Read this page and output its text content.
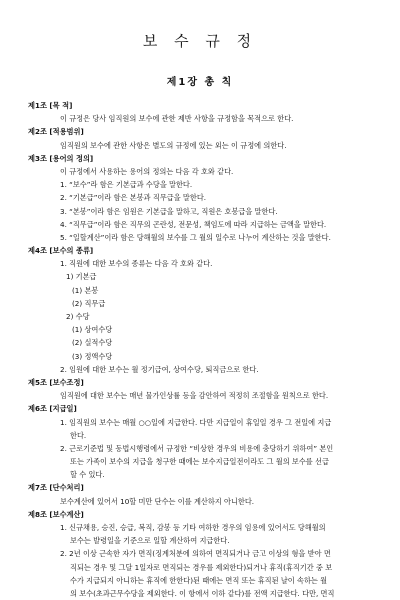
보 수 규 정
제1장 총 칙
제1조 [목 적]
이 규정은 당사 임직원의 보수에 관한 제반 사항을 규정함을 목적으로 한다.
제2조 [적용범위]
임직원의 보수에 관한 사항은 별도의 규정에 있는 외는 이 규정에 의한다.
제3조 [용어의 정의]
이 규정에서 사용하는 용어의 정의는 다음 각 호와 같다.
1. “보수”라 함은 기본급과 수당을 말한다.
2. “기본급”이라 함은 본봉과 직무급을 말한다.
3. “본봉”이라 함은 임원은 기본급을 말하고, 직원은 호봉급을 말한다.
4. “직무급”이라 함은 직무의 곤란성, 전문성, 책임도에 따라 지급하는 금액을 말한다.
5. “일할계산”이라 함은 당해월의 보수를 그 월의 일수로 나누어 계산하는 것을 말한다.
제4조 [보수의 종류]
1. 직원에 대한 보수의 종류는 다음 각 호와 같다.
1) 기본급
(1) 본봉
(2) 직무급
2) 수당
(1) 상여수당
(2) 실적수당
(3) 정액수당
2. 임원에 대한 보수는 월 정기급여, 상여수당, 퇴직금으로 한다.
제5조 [보수조정]
임직원에 대한 보수는 매년 물가인상률 등을 감안하여 적정히 조절함을 원칙으로 한다.
제6조 [지급일]
1. 임직원의 보수는 매월 ○○일에 지급한다. 다만 지급일이 휴일일 경우 그 전일에 지급
한다.
2. 근로기준법 및 동법시행령에서 규정한 “비상한 경우의 비용에 충당하기 위하여” 본인
또는 가족이 보수의 지급을 청구한 때에는 보수지급일전이라도 그 월의 보수를 선급
할 수 있다.
제7조 [단수처리]
보수계산에 있어서 10할 미만 단수는 이를 계산하지 아니한다.
제8조 [보수계산]
1. 신규채용, 승진, 승급, 복직, 감봉 등 기타 여하한 경우의 임용에 있어서도 당해월의
보수는 발령일을 기준으로 일할 계산하여 지급한다.
2. 2년 이상 근속한 자가 면직(징계처분에 의하여 면직되거나 금고 이상의 형을 받아 면
직되는 경우 및 그달 1일자로 면직되는 경우를 제외한다)되거나 휴직(휴직기간 중 보
수가 지급되지 아니하는 휴직에 한한다)된 때에는 면직 또는 휴직된 날이 속하는 월
의 보수(초과근무수당을 제외한다. 이 항에서 이하 같다)를 전액 지급한다. 다만, 면직
